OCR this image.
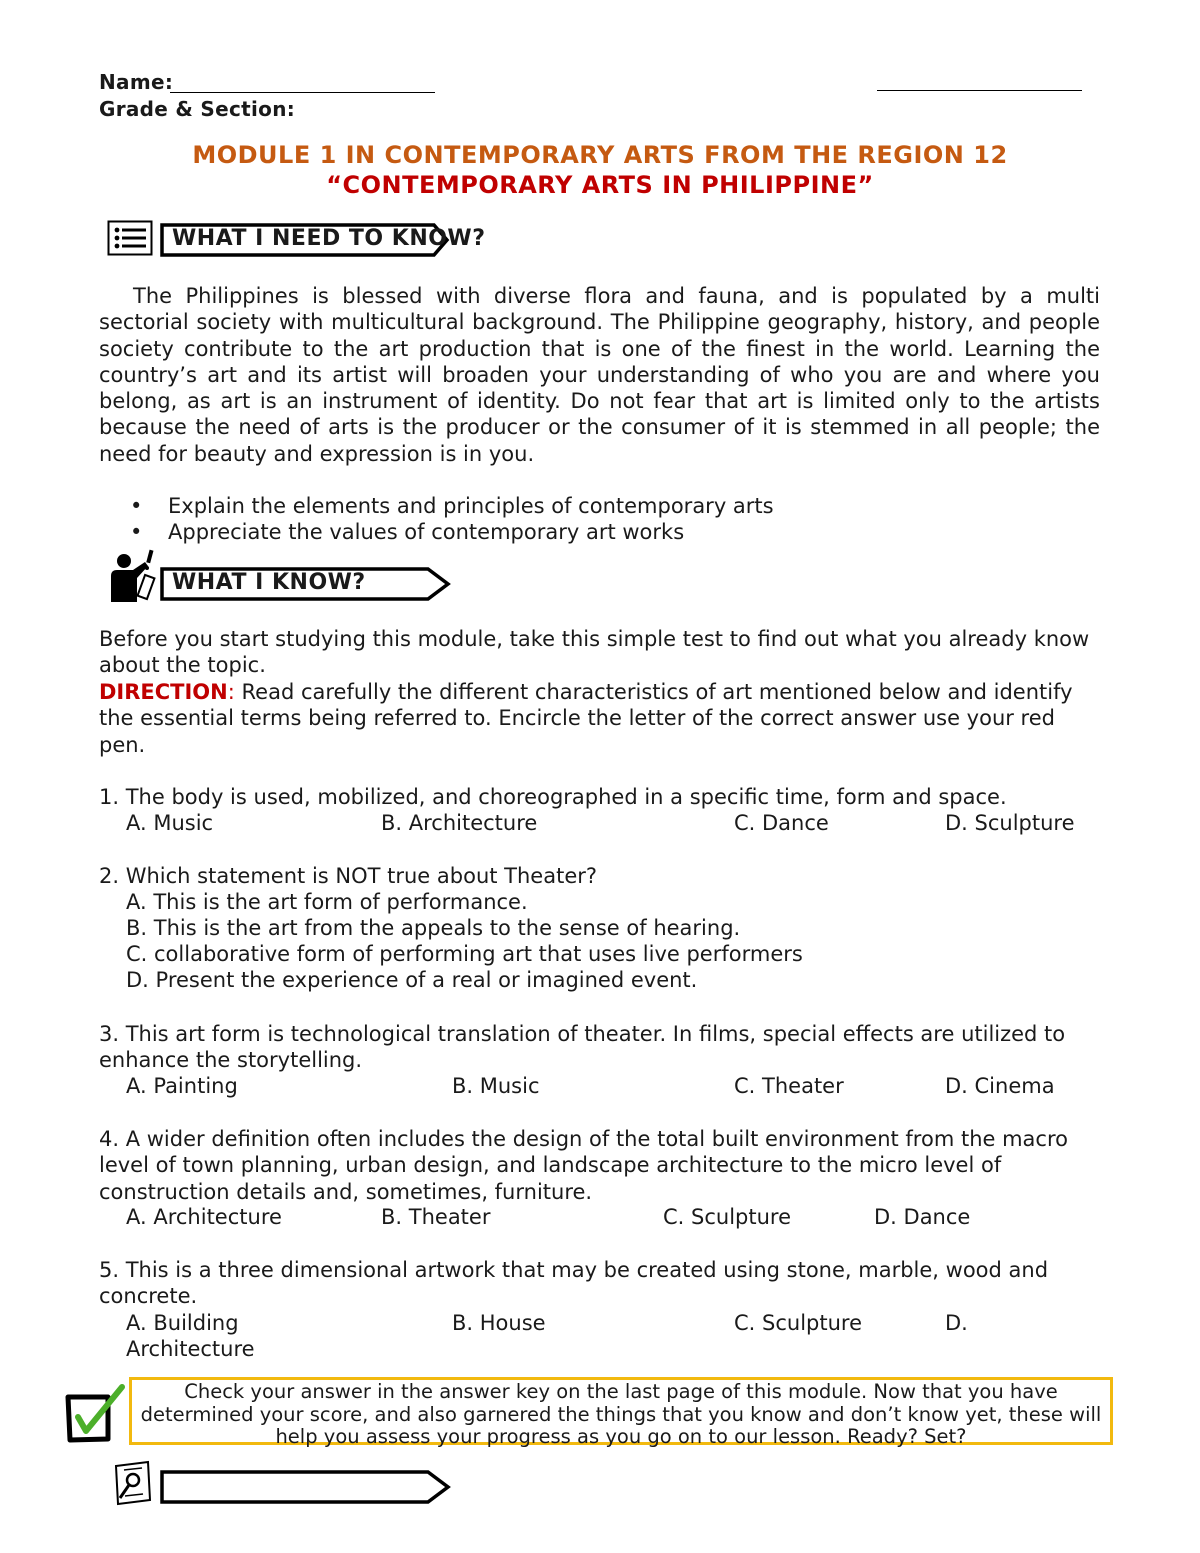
Name:
Grade & Section:
MODULE 1 IN CONTEMPORARY ARTS FROM THE REGION 12
“CONTEMPORARY ARTS IN PHILIPPINE”
WHAT I NEED TO KNOW?
The Philippines is blessed with diverse flora and fauna, and is populated by a multi sectorial society with multicultural background. The Philippine geography, history, and people society contribute to the art production that is one of the finest in the world. Learning the country’s art and its artist will broaden your understanding of who you are and where you belong, as art is an instrument of identity. Do not fear that art is limited only to the artists because the need of arts is the producer or the consumer of it is stemmed in all people; the need for beauty and expression is in you.
• Explain the elements and principles of contemporary arts
• Appreciate the values of contemporary art works
WHAT I KNOW?
Before you start studying this module, take this simple test to find out what you already know about the topic.
DIRECTION: Read carefully the different characteristics of art mentioned below and identify the essential terms being referred to. Encircle the letter of the correct answer use your red pen.
1. The body is used, mobilized, and choreographed in a specific time, form and space.
A. Music	B. Architecture	C. Dance	D. Sculpture
2. Which statement is NOT true about Theater?
A. This is the art form of performance.
B. This is the art from the appeals to the sense of hearing.
C. collaborative form of performing art that uses live performers
D. Present the experience of a real or imagined event.
3. This art form is technological translation of theater. In films, special effects are utilized to enhance the storytelling.
A. Painting	B. Music	C. Theater	D. Cinema
4. A wider definition often includes the design of the total built environment from the macro level of town planning, urban design, and landscape architecture to the micro level of construction details and, sometimes, furniture.
A. Architecture	B. Theater	C. Sculpture	D. Dance
5. This is a three dimensional artwork that may be created using stone, marble, wood and concrete.
A. Building	B. House	C. Sculpture	D.
Architecture
Check your answer in the answer key on the last page of this module. Now that you have determined your score, and also garnered the things that you know and don’t know yet, these will help you assess your progress as you go on to our lesson. Ready? Set?
